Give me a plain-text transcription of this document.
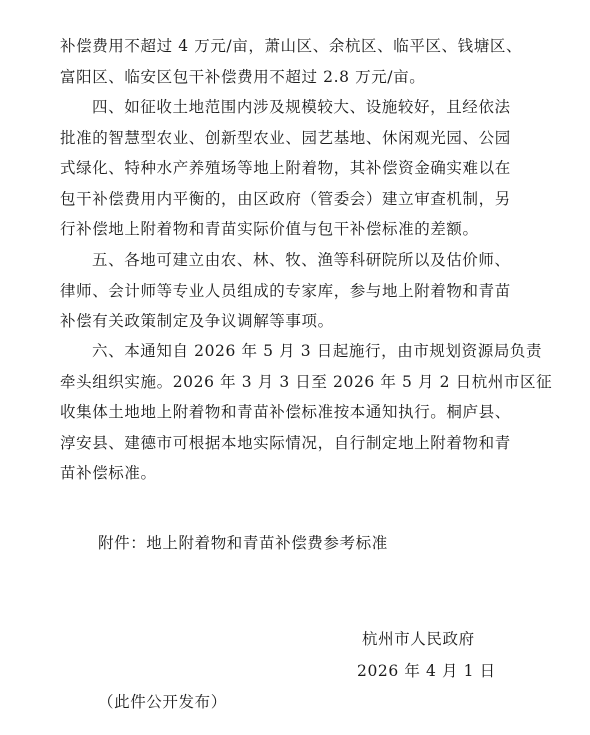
补偿费用不超过 4 万元/亩，萧山区、余杭区、临平区、钱塘区、
富阳区、临安区包干补偿费用不超过 2.8 万元/亩。
四、如征收土地范围内涉及规模较大、设施较好，且经依法
批准的智慧型农业、创新型农业、园艺基地、休闲观光园、公园
式绿化、特种水产养殖场等地上附着物，其补偿资金确实难以在
包干补偿费用内平衡的，由区政府（管委会）建立审查机制，另
行补偿地上附着物和青苗实际价值与包干补偿标准的差额。
五、各地可建立由农、林、牧、渔等科研院所以及估价师、
律师、会计师等专业人员组成的专家库，参与地上附着物和青苗
补偿有关政策制定及争议调解等事项。
六、本通知自 2026 年 5 月 3 日起施行，由市规划资源局负责
牵头组织实施。2026 年 3 月 3 日至 2026 年 5 月 2 日杭州市区征
收集体土地地上附着物和青苗补偿标准按本通知执行。桐庐县、
淳安县、建德市可根据本地实际情况，自行制定地上附着物和青
苗补偿标准。
附件：地上附着物和青苗补偿费参考标准
杭州市人民政府
2026 年 4 月 1 日
（此件公开发布）
